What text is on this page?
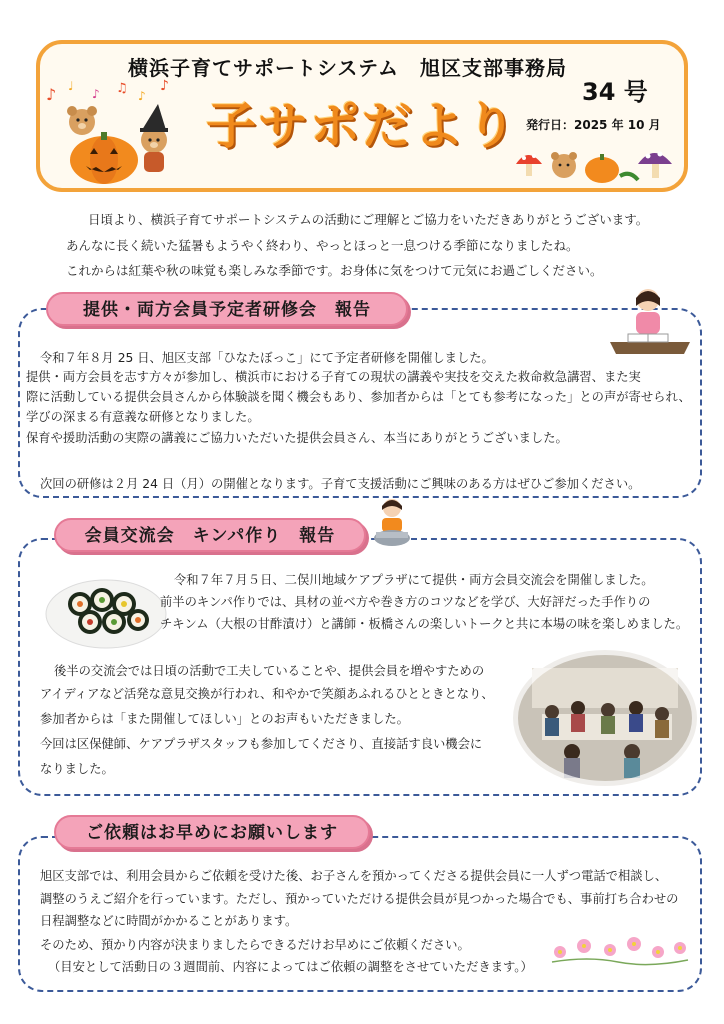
♪ ♩
♪ ♫ ♪
♪
横浜子育てサポートシステム　旭区支部事務局
34 号
子サポだより 発行日：2025 年 10 月
日頃より、横浜子育てサポートシステムの活動にご理解とご協力をいただきありがとうございます。
あんなに長く続いた猛暑もようやく終わり、やっとほっと一息つける季節になりましたね。
これからは紅葉や秋の味覚も楽しみな季節です。お身体に気をつけて元気にお過ごしください。
提供・両方会員予定者研修会　報告
令和７年８月 25 日、旭区支部「ひなたぼっこ」にて予定者研修を開催しました。
提供・両方会員を志す方々が参加し、横浜市における子育ての現状の講義や実技を交えた救命救急講習、また実
際に活動している提供会員さんから体験談を聞く機会もあり、参加者からは「とても参考になった」との声が寄せられ、
学びの深まる有意義な研修となりました。
保育や援助活動の実際の講義にご協力いただいた提供会員さん、本当にありがとうございました。
次回の研修は２月 24 日（月）の開催となります。子育て支援活動にご興味のある方はぜひご参加ください。
会員交流会　キンパ作り　報告
令和７年７月５日、二俣川地域ケアプラザにて提供・両方会員交流会を開催しました。
前半のキンパ作りでは、具材の並べ方や巻き方のコツなどを学び、大好評だった手作りの
チキンム（大根の甘酢漬け）と講師・板橋さんの楽しいトークと共に本場の味を楽しめました。
後半の交流会では日頃の活動で工夫していることや、提供会員を増やすための
アイディアなど活発な意見交換が行われ、和やかで笑顔あふれるひとときとなり、
参加者からは「また開催してほしい」とのお声もいただきました。
今回は区保健師、ケアプラザスタッフも参加してくださり、直接話す良い機会に
なりました。
ご依頼はお早めにお願いします
旭区支部では、利用会員からご依頼を受けた後、お子さんを預かってくださる提供会員に一人ずつ電話で相談し、
調整のうえご紹介を行っています。ただし、預かっていただける提供会員が見つかった場合でも、事前打ち合わせの
日程調整などに時間がかかることがあります。
そのため、預かり内容が決まりましたらできるだけお早めにご依頼ください。
（目安として活動日の３週間前、内容によってはご依頼の調整をさせていただきます。）
